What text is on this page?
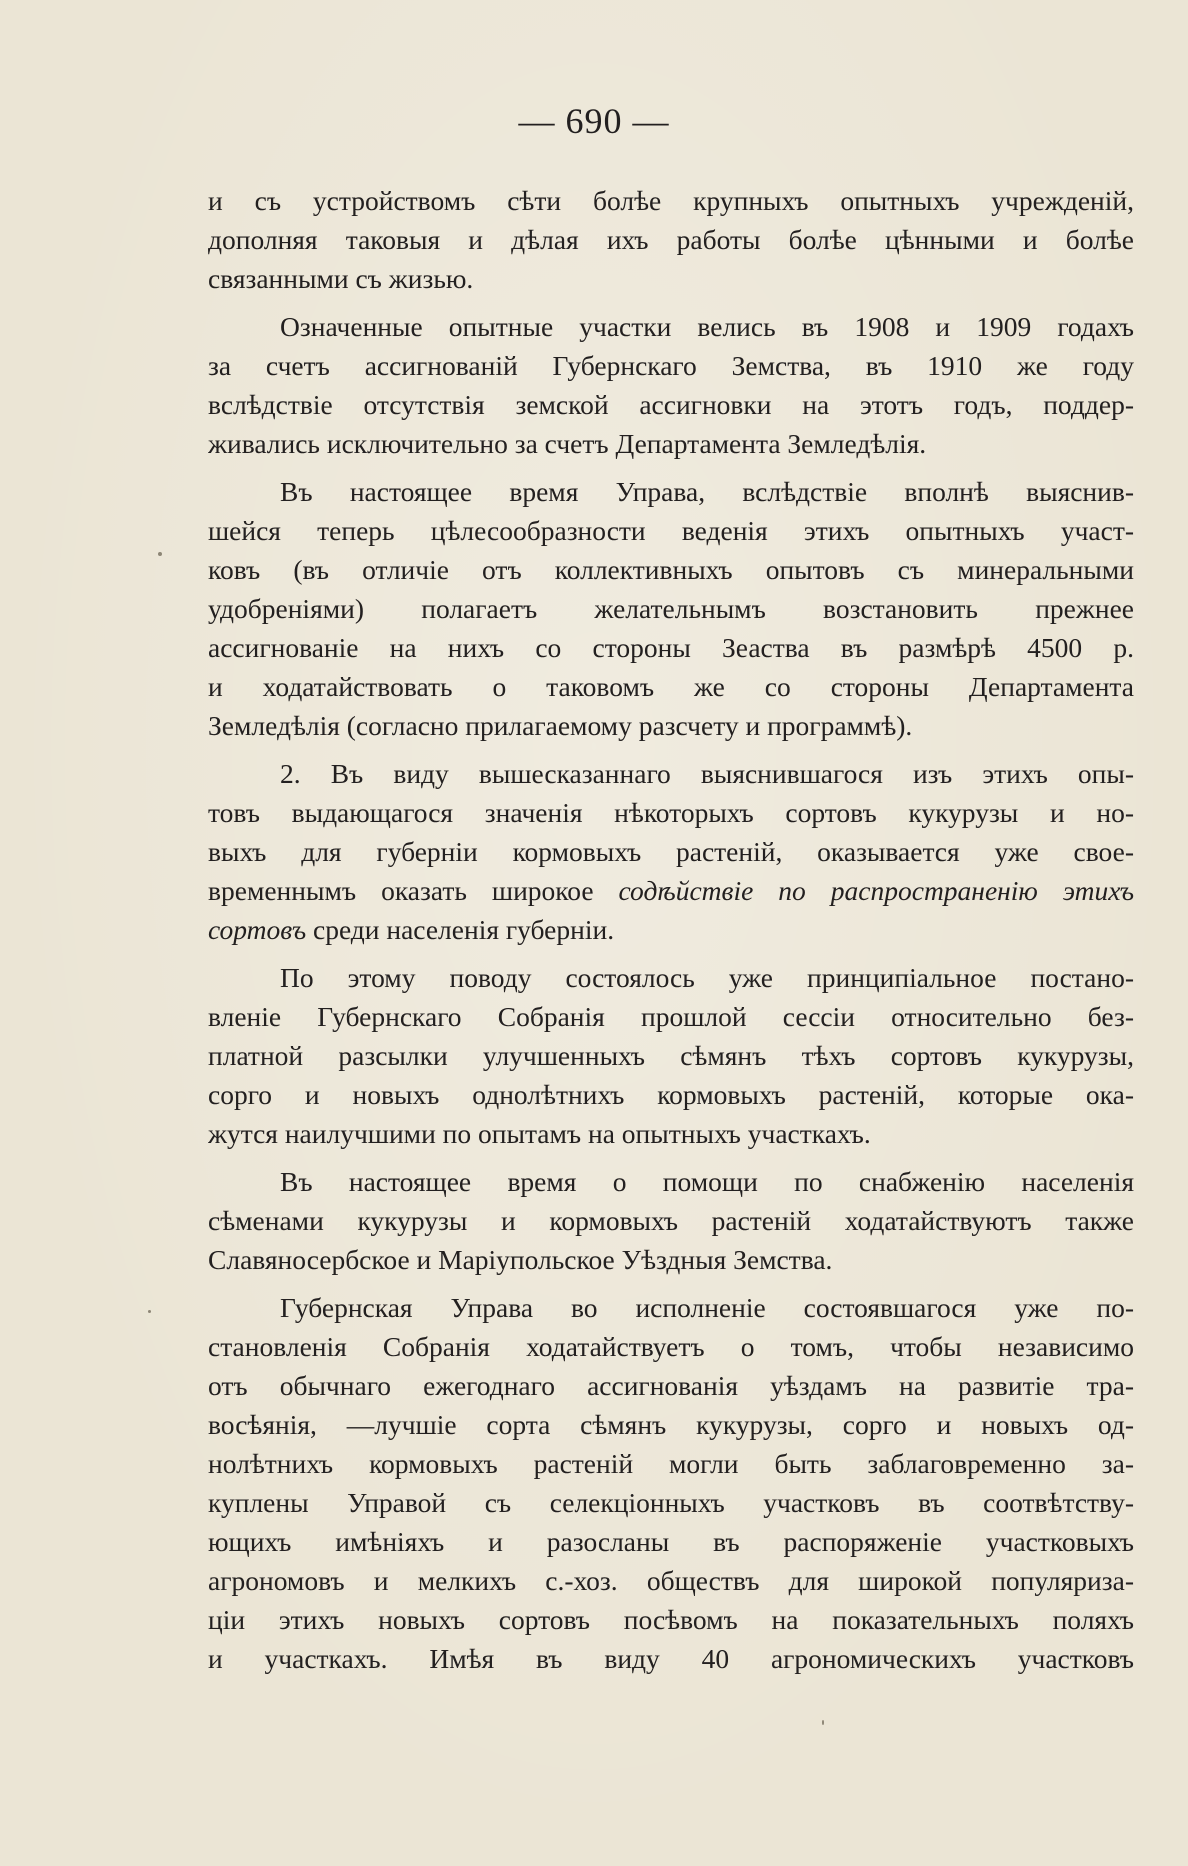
— 690 —

и съ устройствомъ сѣти болѣе крупныхъ опытныхъ учрежденій,
дополняя таковыя и дѣлая ихъ работы болѣе цѣнными и болѣе
связанными съ жизью.

Означенные опытные участки велись въ 1908 и 1909 годахъ
за счетъ ассигнованій Губернскаго Земства, въ 1910 же году
вслѣдствіе отсутствія земской ассигновки на этотъ годъ, поддер-
живались исключительно за счетъ Департамента Земледѣлія.

Въ настоящее время Управа, вслѣдствіе вполнѣ выяснив-
шейся теперь цѣлесообразности веденія этихъ опытныхъ участ-
ковъ (въ отличіе отъ коллективныхъ опытовъ съ минеральными
удобреніями) полагаетъ желательнымъ возстановить прежнее
ассигнованіе на нихъ со стороны Зеаства въ размѣрѣ 4500 р.
и ходатайствовать о таковомъ же со стороны Департамента
Земледѣлія (согласно прилагаемому разсчету и программѣ).

2. Въ виду вышесказаннаго выяснившагося изъ этихъ опы-
товъ выдающагося значенія нѣкоторыхъ сортовъ кукурузы и но-
выхъ для губерніи кормовыхъ растеній, оказывается уже свое-
временнымъ оказать широкое содѣйствіе по распространенію этихъ
сортовъ среди населенія губерніи.

По этому поводу состоялось уже принципіальное постано-
вленіе Губернскаго Собранія прошлой сессіи относительно без-
платной разсылки улучшенныхъ сѣмянъ тѣхъ сортовъ кукурузы,
сорго и новыхъ однолѣтнихъ кормовыхъ растеній, которые ока-
жутся наилучшими по опытамъ на опытныхъ участкахъ.

Въ настоящее время о помощи по снабженію населенія
сѣменами кукурузы и кормовыхъ растеній ходатайствуютъ также
Славяносербское и Маріупольское Уѣздныя Земства.

Губернская Управа во исполненіе состоявшагося уже по-
становленія Собранія ходатайствуетъ о томъ, чтобы независимо
отъ обычнаго ежегоднаго ассигнованія уѣздамъ на развитіе тра-
восѣянія, —лучшіе сорта сѣмянъ кукурузы, сорго и новыхъ од-
нолѣтнихъ кормовыхъ растеній могли быть заблаговременно за-
куплены Управой съ селекціонныхъ участковъ въ соотвѣтству-
ющихъ имѣніяхъ и разосланы въ распоряженіе участковыхъ
агрономовъ и мелкихъ с.-хоз. обществъ для широкой популяриза-
ціи этихъ новыхъ сортовъ посѣвомъ на показательныхъ поляхъ
и участкахъ. Имѣя въ виду 40 агрономическихъ участковъ
